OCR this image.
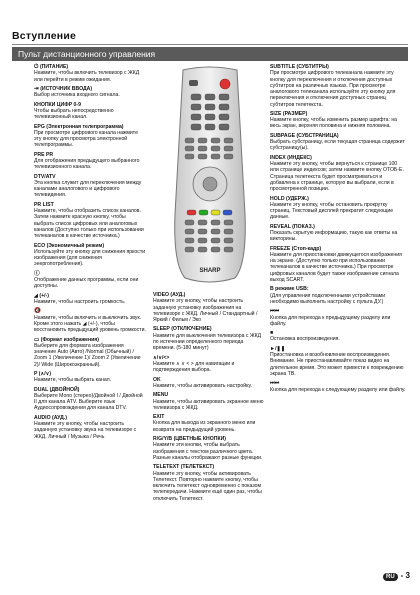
Вступление
Пульт дистанционного управления
⏻ (ПИТАНИЕ)
Нажмите, чтобы включить телевизор с ЖКД или перейти в режим ожидания.
⇥ (ИСТОЧНИК ВВОДА)
Выбор источника входного сигнала.
КНОПКИ ЦИФР 0-9
Чтобы выбрать непосредственно телевизионный канал.
EPG (Электронная телепрограмма)
При просмотре цифрового канала нажмите эту кнопку для просмотра электронной телепрограммы.
PRE PR
Для отображения предыдущего выбранного телевизионного канала.
DTV/ATV
Эта кнопка служит для переключения между каналами аналогового и цифрового телевидения.
PR LIST
Нажмите, чтобы отобразить список каналов. Затем нажмите красную кнопку, чтобы выбрать список цифровых или аналоговых каналов (Доступно только при использовании телеканалов в качестве источника.)
ECO (Экономичный режим)
Используйте эту кнопку для снижения яркости изображения (для снижения энергопотребления).
ⓘ
Отображение данных программы, если они доступны.
◢ (+/-)
Нажмите, чтобы настроить громкость.
🔇
Нажмите, чтобы включить и выключить звук. Кроме этого нажать ◢ (+/-), чтобы восстановить предыдущий уровень громкости.
▭ (Формат изображения)
Выберите для формата изображения значение Auto (Авто) /Normal (Обычный) / Zoom 1 (Увеличение 1)/ Zoom 2 (Увеличение 2)/ Wide (Широкоэкранный).
P (∧/∨)
Нажмите, чтобы выбрать канал.
DUAL (ДВОЙНОЙ)
Выберите Mono (стерео)/Двойной I / Двойной II для канала ATV. Выберите язык Аудиосопровождения для канала DTV.
AUDIO (АУД.)
Нажмите эту кнопку, чтобы настроить заданную установку звука на телевизоре с ЖКД. Личный / Музыка / Речь
VIDEO (АУД.)
Нажмите эту кнопку, чтобы настроить заданную установку изображения на телевизоре с ЖКД. Личный / Стандартный / Яркий / Фильм / Эко
SLEEP (ОТКЛЮЧЕНИЕ)
Нажмите для выключения телевизора с ЖКД по истечении определенного периода времени. (5-180 минут)
∧/∨/<>
Нажмите ∧ ∨ < > для навигации и подтверждения выбора.
OK
Нажмите, чтобы активировать настройку.
MENU
Нажмите, чтобы активировать экранное меню телевизора с ЖКД.
EXIT
Кнопка для выхода из экранного меню или возврата на предыдущий уровень.
R/G/Y/B (ЦВЕТНЫЕ КНОПКИ)
Нажмите эти кнопки, чтобы выбрать изображения с текстом различного цвета. Разные каналы отображают разные функции.
TELETEXT (ТЕЛЕТЕКСТ)
Нажмите эту кнопку, чтобы активировать Телетекст. Повторно нажмите кнопку, чтобы включить телетекст одновременно с показом телепередачи. Нажмите ещё один раз, чтобы отключить Телетекст.
SUBTITLE (СУБТИТРЫ)
При просмотре цифрового телеканала нажмите эту кнопку для переключения и отключения доступных субтитров на различных языках. При просмотре аналогового телеканала используйте эту кнопку для переключения и отключения доступных страниц субтитров телетекста.
SIZE (РАЗМЕР)
Нажмите кнопку, чтобы изменить размер шрифта: на весь экран, верхняя половина и нижняя половина.
SUBPAGE (СУБСТРАНИЦА)
Выбрать субстраницу, если текущая страница содержит субстраницу(ы).
INDEX (ИНДЕКС)
Нажмите эту кнопку, чтобы вернуться к странице 100 или странице индексов; затем нажмите кнопку ОТОБ-Е. Страница телетекста будет просматриваться и добавлена к странице, которую вы выбрали, если в просмотренной позиции.
HOLD (УДЕРЖ.)
Нажмите эту кнопку, чтобы остановить прокрутку страниц. Текстовый дисплей прекратит следующие данные.
REVEAL (ПОКАЗ.)
Показать скрытую информацию, такую как ответы на викторины.
FREEZE (Стоп-кадр)
Нажмите для приостановки движущегося изображения на экране. (Доступно только при использовании телеканалов в качестве источника.) При просмотре цифровых каналов будет также изображение сигнала выход SCART.
В режиме USB:
(Для управления подключенными устройствами необходимо выполнить настройку с пульта ДУ.)
⏮⏮
Кнопка для перехода к предыдущему разделу или файлу.
■
Остановка воспроизведения.
►/❚❚
Приостановка и возобновление воспроизведения. Внимание. Не приостанавливайте показ видео на длительное время. Это может привести к повреждению экрана ТВ.
⏭⏭
Кнопка для перехода к следующему разделу или файлу.
SHARP
RU - 3
